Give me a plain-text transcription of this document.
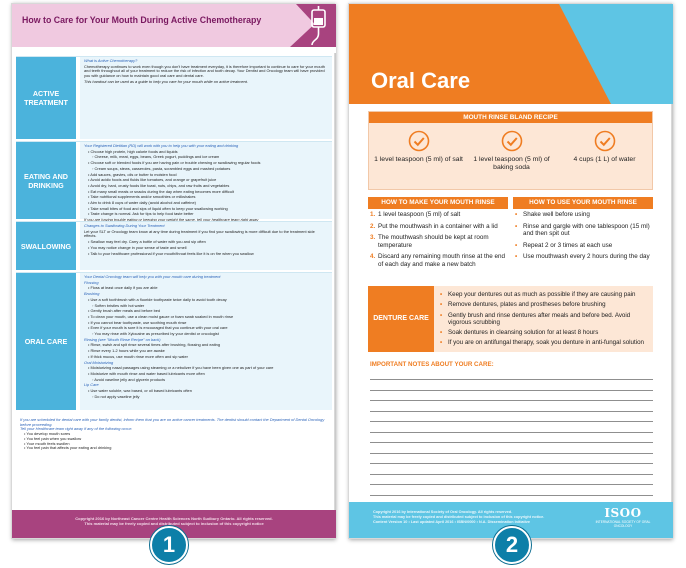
How to Care for Your Mouth During Active Chemotherapy
ACTIVE TREATMENT

What is Active Chemotherapy?

Chemotherapy continues to work even though you don't have treatment everyday, it is therefore important to continue to care for your mouth and teeth throughout all of your treatment to reduce the risk of infection and tooth decay. Your Dentist and Oncology team will have provided you with guidance on how to maintain good oral care and dental care.

This handout can be used as a guide to help you care for your mouth while on active treatment.

EATING AND DRINKING

Your Registered Dietitian (RD) will work with you to help you with your eating and drinking

• Choose high protein, high calorie foods and liquids

◦ Cheese, milk, meat, eggs, beans, Greek yogurt, puddings and ice cream

• Choose soft or blended foods if you are having pain or trouble chewing or swallowing regular foods

◦ Cream soups, stews, casseroles, pasta, scrambled eggs and mashed potatoes

• Add sauces, gravies, oils or butter to moisten food

• Avoid acidic foods and fluids like tomatoes, and orange or grapefruit juice

• Avoid dry, hard, crusty foods like toast, nuts, chips, and raw fruits and vegetables

• Eat many small meals or snacks during the day when eating becomes more difficult

• Take nutritional supplements and/or smoothies or milkshakes

• Aim to drink 8 cups of water daily (avoid alcohol and caffeine)

• Take small bites of food and sips of liquid often to keep your swallowing working

• Taste change is normal. Ask for tips to help food taste better

If you are having trouble eating or keeping your weight the same, tell your healthcare team right away

SWALLOWING

Changes to Swallowing During Your Treatment

Let your SLT or Oncology team know at any time during treatment if you find your swallowing is more difficult due to the treatment side effects.

• Swallow may feel dry. Carry a bottle of water with you and sip often

• You may notice change in your sense of taste and smell

• Talk to your healthcare professional if your mouth/throat feels like it is on fire when you swallow

ORAL CARE

Your Dental Oncology team will help you with your mouth care during treatment

Flossing

• Floss at least once daily if you are able

Brushing

• Use a soft toothbrush with a fluoride toothpaste twice daily to avoid tooth decay

◦ Soften bristles with hot water

• Gently brush after meals and before bed

• To clean your mouth, use a clean moist gauze or foam swab soaked in mouth rinse

• If you cannot bear toothpaste, use soothing mouth rinse

• Even if your mouth is sore it is encouraged that you continue with your oral care

◦ You may rinse with Xylocaine as prescribed by your dentist or oncologist

Rinsing (see "Mouth Rinse Recipe" on back)

• Rinse, swish and spit rinse several times after brushing, flossing and eating

• Rinse every 1-2 hours while you are awake

• If thick mucus, use mouth rinse more often and sip water

Oral Moisturizing

• Moisturizing nasal passages using steaming or a nebulizer if you have been given one as part of your care

• Moisturize with mouth rinse and water based lubricants more often

◦ Avoid vaseline jelly and glycerin products

Lip Care

• Use water soluble, wax based, or oil based lubricants often

◦ Do not apply vaseline jelly

If you are scheduled for dental care with your family dentist, inform them that you are on active cancer treatments. The dentist should contact the Department of Dental Oncology before proceeding.

Tell your Healthcare team right away if any of the following occur:

• You develop mouth sores

• You feel pain when you swallow

• Your mouth feels swollen

• You feel pain that affects your eating and drinking

Copyright 2016 by Northeast Cancer Centre Health Sciences North Sudbury Ontario. All rights reserved.
This material may be freely copied and distributed subject to inclusion of this copyright notice
Oral Care
MOUTH RINSE BLAND RECIPE
1 level teaspoon (5 ml) of salt	1 level teaspoon (5 ml) of baking soda
4 cups (1 L) of water
HOW TO MAKE YOUR MOUTH RINSE
1. 1 level teaspoon (5 ml) of salt
2. Put the mouthwash in a container with a lid
3. The mouthwash should be kept at room temperature
4. Discard any remaining mouth rinse at the end of each day and make a new batch
HOW TO USE YOUR MOUTH RINSE
• Shake well before using
• Rinse and gargle with one tablespoon (15 ml) and then spit out
• Repeat 2 or 3 times at each use
• Use mouthwash every 2 hours during the day
DENTURE CARE
• Keep your dentures out as much as possible if they are causing pain
• Remove dentures, plates and prostheses before brushing
• Gently brush and rinse dentures after meals and before bed. Avoid vigorous scrubbing
• Soak dentures in cleansing solution for at least 8 hours
• If you are on antifungal therapy, soak you denture in anti-fungal solution
IMPORTANT NOTES ABOUT YOUR CARE:
Copyright 2016 by International Society of Oral Oncology. All rights reserved.
This material may be freely copied and distributed subject to inclusion of this copyright notice.
Content Version 10 • Last updated April 2016 • ISBN/0000 • N.A. Dissemination Initiative
ISOO
INTERNATIONAL SOCIETY OF ORAL ONCOLOGY
1	2
